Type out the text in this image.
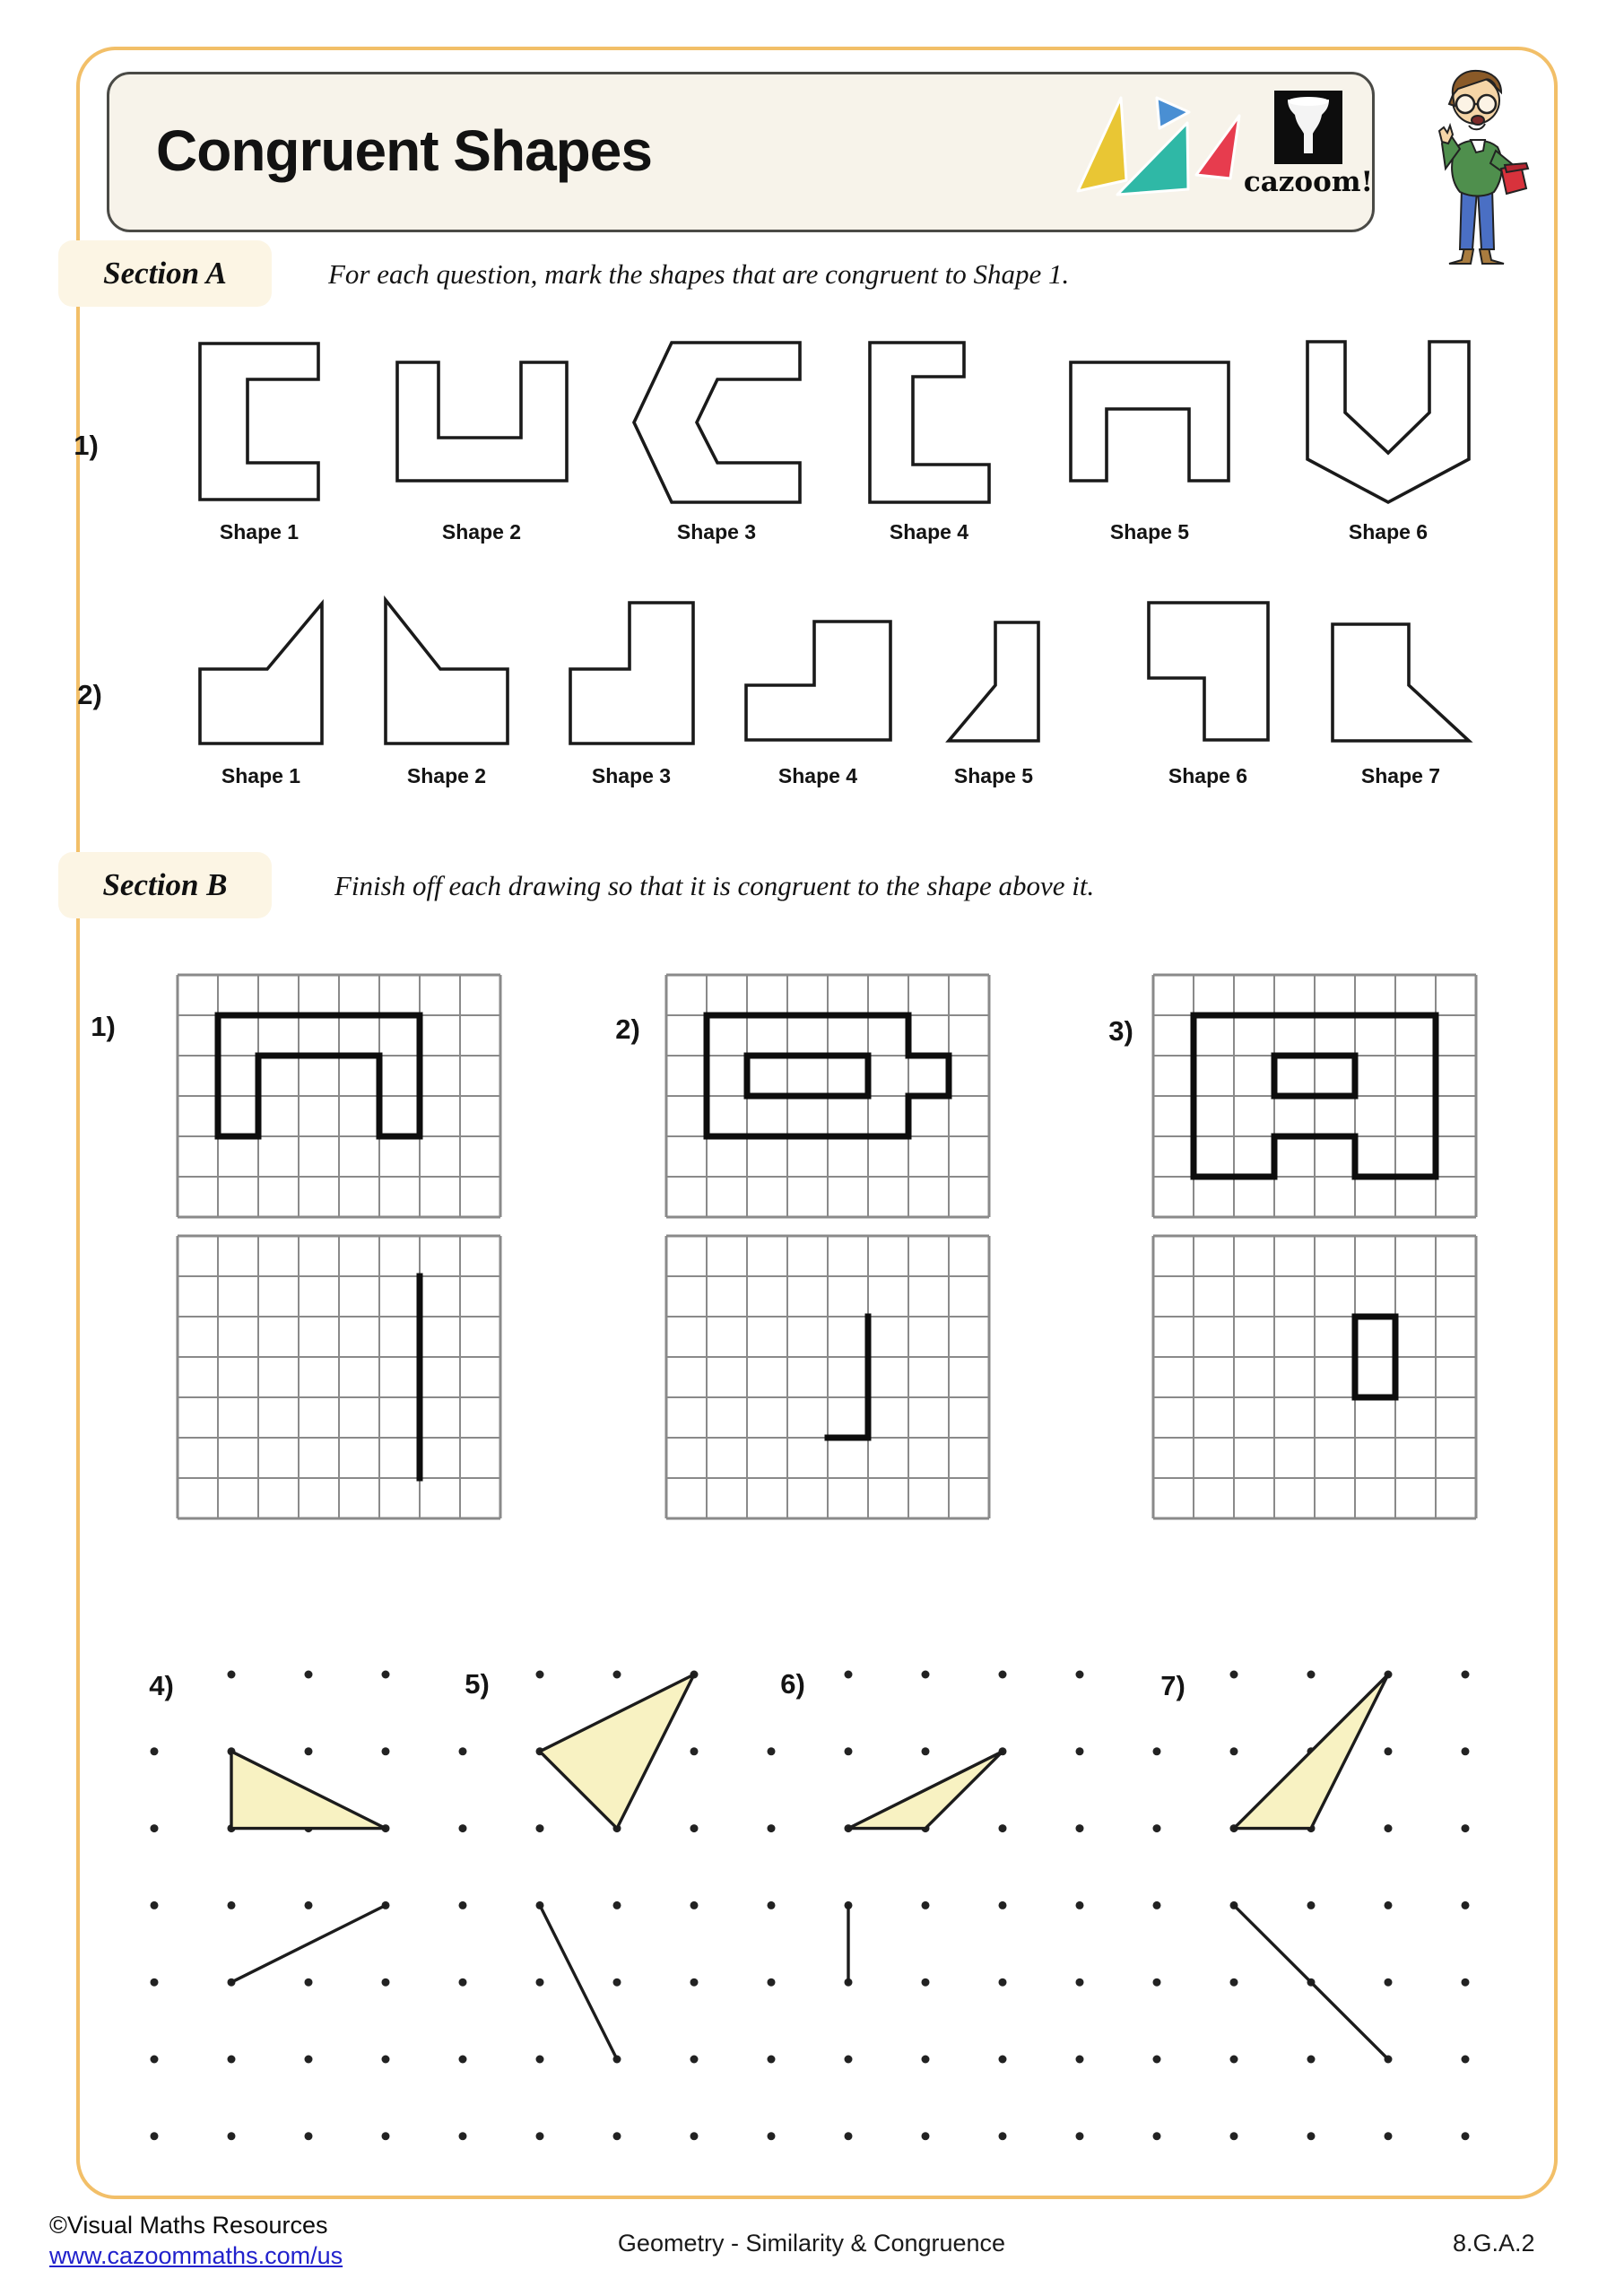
Congruent Shapes	cazoom!
Section A	For each question, mark the shapes that are congruent to Shape 1.
Section B	Finish off each drawing so that it is congruent to the shape above it.
1)
Shape 1	Shape 2	Shape 3	Shape 4	Shape 5	Shape 6
2)
Shape 1	Shape 2	Shape 3	Shape 4	Shape 5	Shape 6	Shape 7
1)	2)	3)
4)	5)	6)	7)
©Visual Maths Resources
www.cazoommaths.com/us	Geometry - Similarity & Congruence	8.G.A.2
